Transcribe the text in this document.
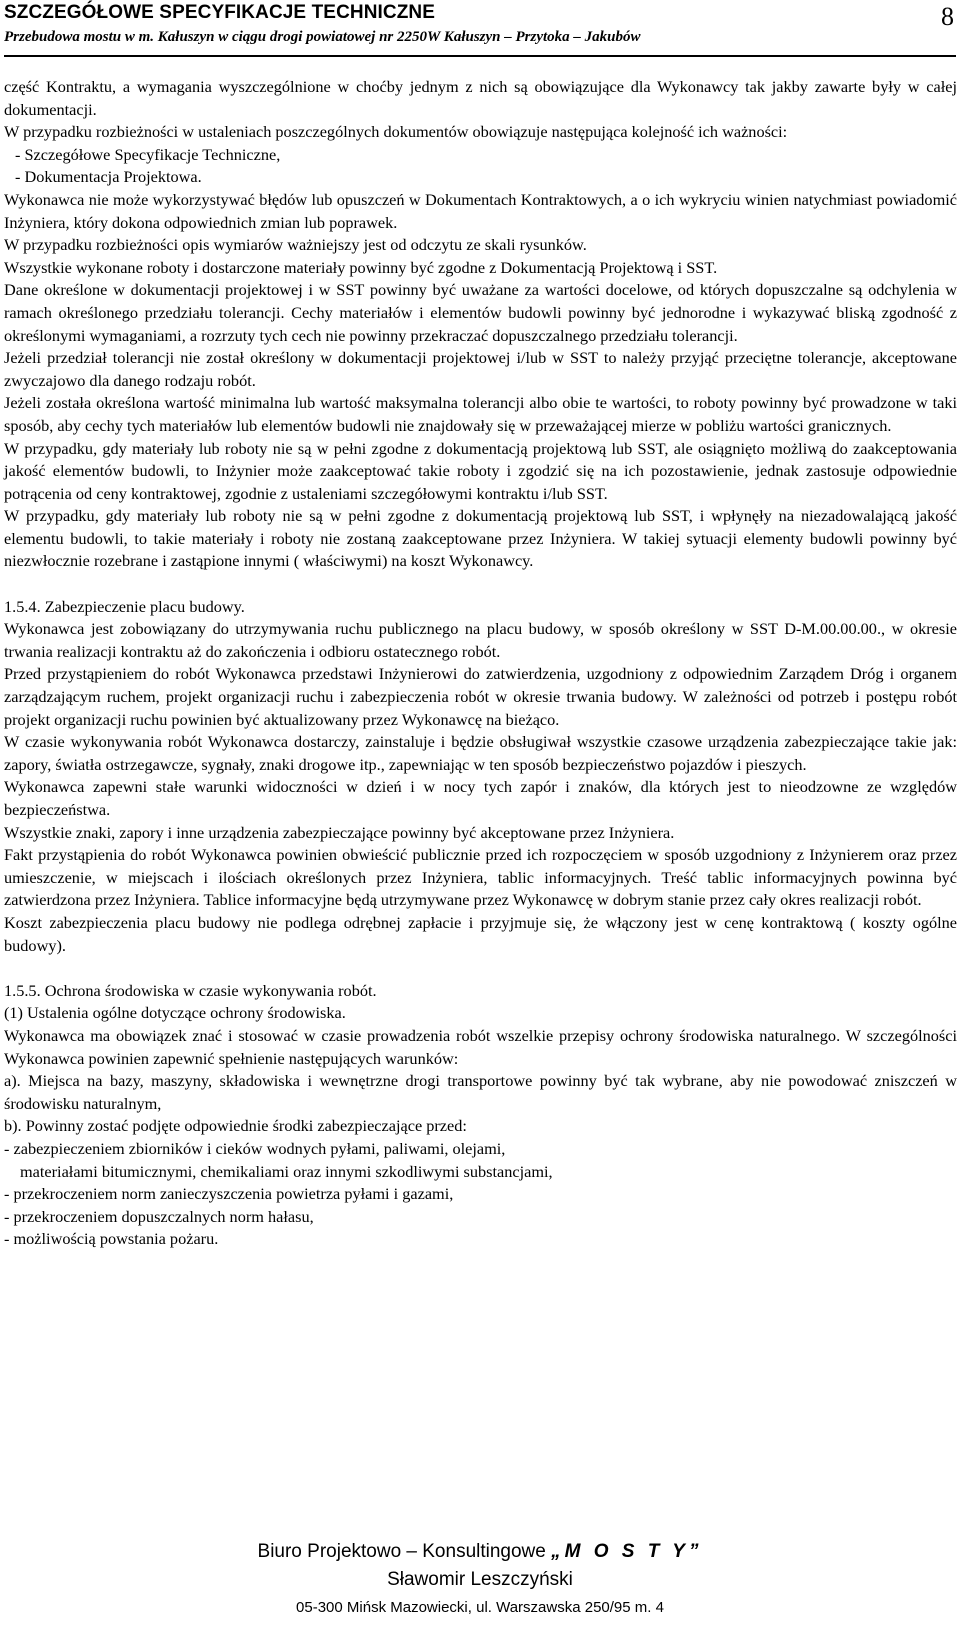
SZCZEGÓŁOWE SPECYFIKACJE TECHNICZNE
Przebudowa mostu w m. Kałuszyn w ciągu drogi powiatowej nr 2250W Kałuszyn – Przytoka – Jakubów
8

część Kontraktu, a wymagania wyszczególnione w choćby jednym z nich są obowiązujące dla Wykonawcy tak jakby zawarte były w całej dokumentacji.

W przypadku rozbieżności w ustaleniach poszczególnych dokumentów obowiązuje następująca kolejność ich ważności:

- Szczegółowe Specyfikacje Techniczne,

- Dokumentacja Projektowa.

Wykonawca nie może wykorzystywać błędów lub opuszczeń w Dokumentach Kontraktowych, a o ich wykryciu winien natychmiast powiadomić Inżyniera, który dokona odpowiednich zmian lub poprawek.

W przypadku rozbieżności opis wymiarów ważniejszy jest od odczytu ze skali rysunków.

Wszystkie wykonane roboty i dostarczone materiały powinny być zgodne z Dokumentacją Projektową i SST.

Dane określone w dokumentacji projektowej i w SST powinny być uważane za wartości docelowe, od których dopuszczalne są odchylenia w ramach określonego przedziału tolerancji. Cechy materiałów i elementów budowli powinny być jednorodne i wykazywać bliską zgodność z określonymi wymaganiami, a rozrzuty tych cech nie powinny przekraczać dopuszczalnego przedziału tolerancji.

Jeżeli przedział tolerancji nie został określony w dokumentacji projektowej i/lub w SST to należy przyjąć przeciętne tolerancje, akceptowane zwyczajowo dla danego rodzaju robót.

Jeżeli została określona wartość minimalna lub wartość maksymalna tolerancji albo obie te wartości, to roboty powinny być prowadzone w taki sposób, aby cechy tych materiałów lub elementów budowli nie znajdowały się w przeważającej mierze w pobliżu wartości granicznych.

W przypadku, gdy materiały lub roboty nie są w pełni zgodne z dokumentacją projektową lub SST, ale osiągnięto możliwą do zaakceptowania jakość elementów budowli, to Inżynier może zaakceptować takie roboty i zgodzić się na ich pozostawienie, jednak zastosuje odpowiednie potrącenia od ceny kontraktowej, zgodnie z ustaleniami szczegółowymi kontraktu i/lub SST.

W przypadku, gdy materiały lub roboty nie są w pełni zgodne z dokumentacją projektową lub SST, i wpłynęły na niezadowalającą jakość elementu budowli, to takie materiały i roboty nie zostaną zaakceptowane przez Inżyniera. W takiej sytuacji elementy budowli powinny być niezwłocznie rozebrane i zastąpione innymi ( właściwymi) na koszt Wykonawcy.

1.5.4. Zabezpieczenie placu budowy.

Wykonawca jest zobowiązany do utrzymywania ruchu publicznego na placu budowy, w sposób określony w SST D-M.00.00.00., w okresie trwania realizacji kontraktu aż do zakończenia i odbioru ostatecznego robót.

Przed przystąpieniem do robót Wykonawca przedstawi Inżynierowi do zatwierdzenia, uzgodniony z odpowiednim Zarządem Dróg i organem zarządzającym ruchem, projekt organizacji ruchu i zabezpieczenia robót w okresie trwania budowy. W zależności od potrzeb i postępu robót projekt organizacji ruchu powinien być aktualizowany przez Wykonawcę na bieżąco.

W czasie wykonywania robót Wykonawca dostarczy, zainstaluje i będzie obsługiwał wszystkie czasowe urządzenia zabezpieczające takie jak: zapory, światła ostrzegawcze, sygnały, znaki drogowe itp., zapewniając w ten sposób bezpieczeństwo pojazdów i pieszych.

Wykonawca zapewni stałe warunki widoczności w dzień i w nocy tych zapór i znaków, dla których jest to nieodzowne ze względów bezpieczeństwa.

Wszystkie znaki, zapory i inne urządzenia zabezpieczające powinny być akceptowane przez Inżyniera.

Fakt przystąpienia do robót Wykonawca powinien obwieścić publicznie przed ich rozpoczęciem w sposób uzgodniony z Inżynierem oraz przez umieszczenie, w miejscach i ilościach określonych przez Inżyniera, tablic informacyjnych. Treść tablic informacyjnych powinna być zatwierdzona przez Inżyniera. Tablice informacyjne będą utrzymywane przez Wykonawcę w dobrym stanie przez cały okres realizacji robót.

Koszt zabezpieczenia placu budowy nie podlega odrębnej zapłacie i przyjmuje się, że włączony jest w cenę kontraktową ( koszty ogólne budowy).

1.5.5. Ochrona środowiska w czasie wykonywania robót.

(1) Ustalenia ogólne dotyczące ochrony środowiska.

Wykonawca ma obowiązek znać i stosować w czasie prowadzenia robót wszelkie przepisy ochrony środowiska naturalnego. W szczególności Wykonawca powinien zapewnić spełnienie następujących warunków:

a). Miejsca na bazy, maszyny, składowiska i wewnętrzne drogi transportowe powinny być tak wybrane, aby nie powodować zniszczeń w środowisku naturalnym,

b). Powinny zostać podjęte odpowiednie środki zabezpieczające przed:

- zabezpieczeniem zbiorników i cieków wodnych pyłami, paliwami, olejami,

materiałami bitumicznymi, chemikaliami oraz innymi szkodliwymi substancjami,

- przekroczeniem norm zanieczyszczenia powietrza pyłami i gazami,

- przekroczeniem dopuszczalnych norm hałasu,

- możliwością powstania pożaru.

Biuro Projektowo – Konsultingowe „M O S T Y”
Sławomir Leszczyński
05-300 Mińsk Mazowiecki, ul. Warszawska 250/95 m. 4
